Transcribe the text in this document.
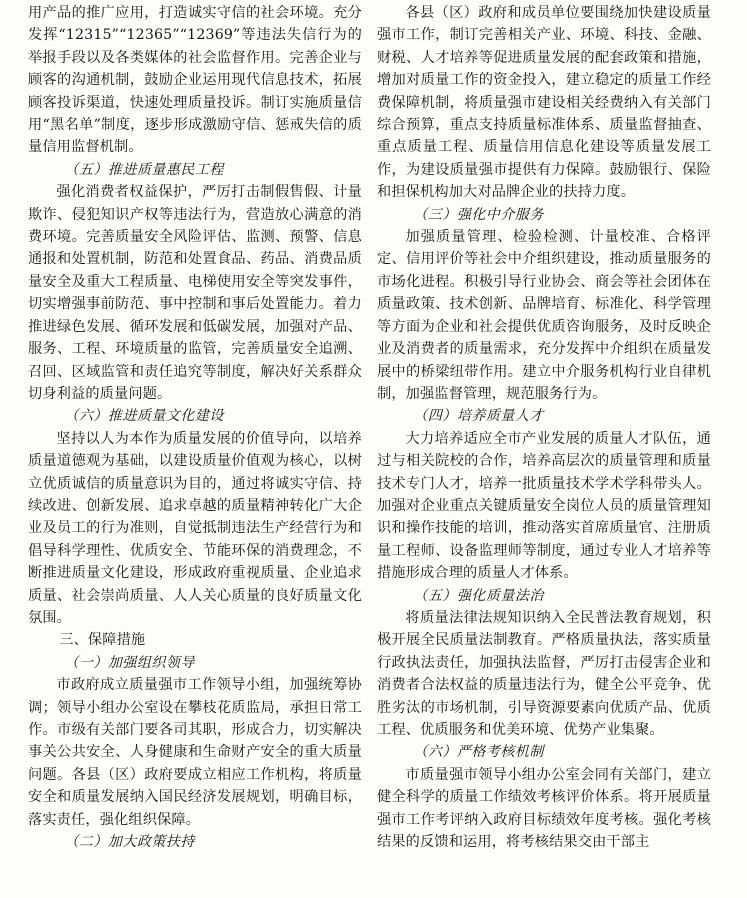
用产品的推广应用，打造诚实守信的社会环境。充分发挥“12315”“12365”“12369”等违法失信行为的举报手段以及各类媒体的社会监督作用。完善企业与顾客的沟通机制，鼓励企业运用现代信息技术，拓展顾客投诉渠道，快速处理质量投诉。制订实施质量信用“黑名单”制度，逐步形成激励守信、惩戒失信的质量信用监督机制。

（五）推进质量惠民工程

强化消费者权益保护，严厉打击制假售假、计量欺诈、侵犯知识产权等违法行为，营造放心满意的消费环境。完善质量安全风险评估、监测、预警、信息通报和处置机制，防范和处置食品、药品、消费品质量安全及重大工程质量、电梯使用安全等突发事件，切实增强事前防范、事中控制和事后处置能力。着力推进绿色发展、循环发展和低碳发展，加强对产品、服务、工程、环境质量的监管，完善质量安全追溯、召回、区域监管和责任追究等制度，解决好关系群众切身利益的质量问题。

（六）推进质量文化建设

坚持以人为本作为质量发展的价值导向，以培养质量道德观为基础，以建设质量价值观为核心，以树立优质诚信的质量意识为目的，通过将诚实守信、持续改进、创新发展、追求卓越的质量精神转化广大企业及员工的行为准则，自觉抵制违法生产经营行为和倡导科学理性、优质安全、节能环保的消费理念，不断推进质量文化建设，形成政府重视质量、企业追求质量、社会崇尚质量、人人关心质量的良好质量文化氛围。

三、保障措施
（一）加强组织领导

市政府成立质量强市工作领导小组，加强统筹协调；领导小组办公室设在攀枝花质监局，承担日常工作。市级有关部门要各司其职，形成合力，切实解决事关公共安全、人身健康和生命财产安全的重大质量问题。各县（区）政府要成立相应工作机构，将质量安全和质量发展纳入国民经济发展规划，明确目标，落实责任，强化组织保障。

（二）加大政策扶持

各县（区）政府和成员单位要围绕加快建设质量强市工作，制订完善相关产业、环境、科技、金融、财税、人才培养等促进质量发展的配套政策和措施，增加对质量工作的资金投入，建立稳定的质量工作经费保障机制，将质量强市建设相关经费纳入有关部门综合预算，重点支持质量标准体系、质量监督抽查、重点质量工程、质量信用信息化建设等质量发展工作，为建设质量强市提供有力保障。鼓励银行、保险和担保机构加大对品牌企业的扶持力度。

（三）强化中介服务

加强质量管理、检验检测、计量校准、合格评定、信用评价等社会中介组织建设，推动质量服务的市场化进程。积极引导行业协会、商会等社会团体在质量政策、技术创新、品牌培育、标准化、科学管理等方面为企业和社会提供优质咨询服务，及时反映企业及消费者的质量需求，充分发挥中介组织在质量发展中的桥梁纽带作用。建立中介服务机构行业自律机制，加强监督管理，规范服务行为。

（四）培养质量人才

大力培养适应全市产业发展的质量人才队伍，通过与相关院校的合作，培养高层次的质量管理和质量技术专门人才，培养一批质量技术学术学科带头人。加强对企业重点关键质量安全岗位人员的质量管理知识和操作技能的培训，推动落实首席质量官、注册质量工程师、设备监理师等制度，通过专业人才培养等措施形成合理的质量人才体系。

（五）强化质量法治

将质量法律法规知识纳入全民普法教育规划，积极开展全民质量法制教育。严格质量执法，落实质量行政执法责任，加强执法监督，严厉打击侵害企业和消费者合法权益的质量违法行为，健全公平竞争、优胜劣汰的市场机制，引导资源要素向优质产品、优质工程、优质服务和优美环境、优势产业集聚。

（六）严格考核机制

市质量强市领导小组办公室会同有关部门，建立健全科学的质量工作绩效考核评价体系。将开展质量强市工作考评纳入政府目标绩效年度考核。强化考核结果的反馈和运用，将考核结果交由干部主
